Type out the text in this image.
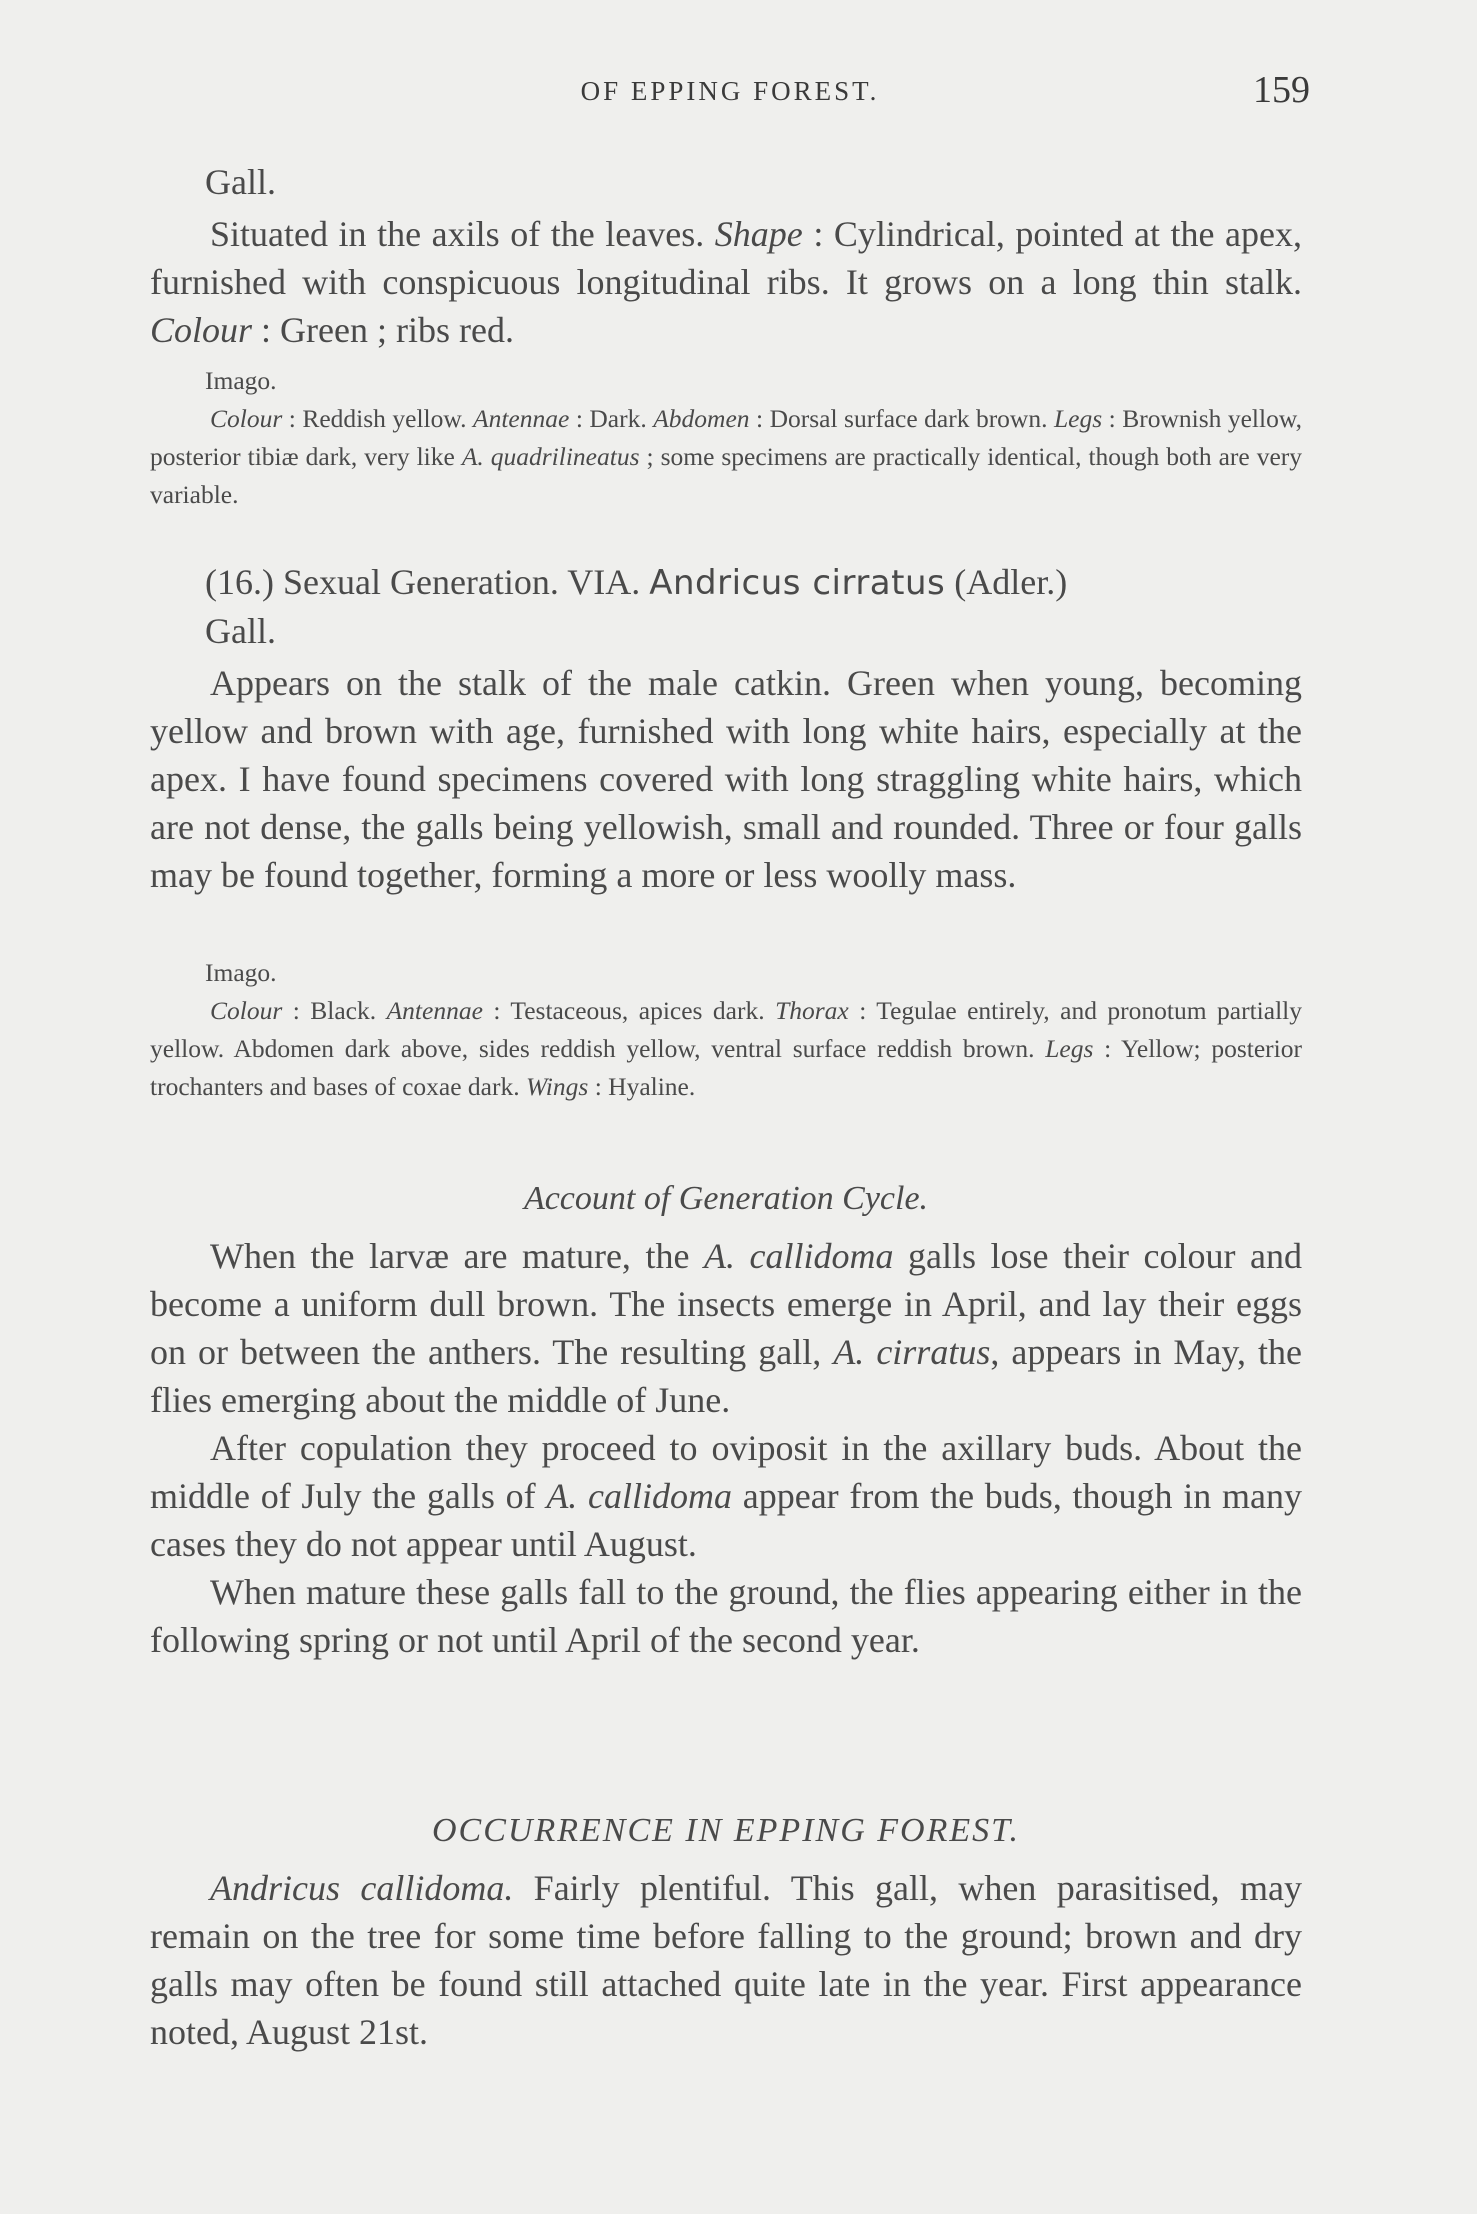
OF EPPING FOREST.	159

Gall.

Situated in the axils of the leaves. Shape : Cylindrical, pointed at the apex, furnished with conspicuous longitudinal ribs. It grows on a long thin stalk. Colour : Green ; ribs red.

Imago.

Colour : Reddish yellow. Antennae : Dark. Abdomen : Dorsal surface dark brown. Legs : Brownish yellow, posterior tibiæ dark, very like A. quadrilineatus ; some specimens are practically identical, though both are very variable.

(16.) Sexual Generation. VIA. Andricus cirratus (Adler.)

Gall.

Appears on the stalk of the male catkin. Green when young, becoming yellow and brown with age, furnished with long white hairs, especially at the apex. I have found specimens covered with long straggling white hairs, which are not dense, the galls being yellowish, small and rounded. Three or four galls may be found together, forming a more or less woolly mass.

Imago.

Colour : Black. Antennae : Testaceous, apices dark. Thorax : Tegulae entirely, and pronotum partially yellow. Abdomen dark above, sides reddish yellow, ventral surface reddish brown. Legs : Yellow; posterior trochanters and bases of coxae dark. Wings : Hyaline.

Account of Generation Cycle.

When the larvæ are mature, the A. callidoma galls lose their colour and become a uniform dull brown. The insects emerge in April, and lay their eggs on or between the anthers. The resulting gall, A. cirratus, appears in May, the flies emerging about the middle of June.

After copulation they proceed to oviposit in the axillary buds. About the middle of July the galls of A. callidoma appear from the buds, though in many cases they do not appear until August.

When mature these galls fall to the ground, the flies appearing either in the following spring or not until April of the second year.

OCCURRENCE IN EPPING FOREST.

Andricus callidoma. Fairly plentiful. This gall, when parasitised, may remain on the tree for some time before falling to the ground; brown and dry galls may often be found still attached quite late in the year. First appearance noted, August 21st.
